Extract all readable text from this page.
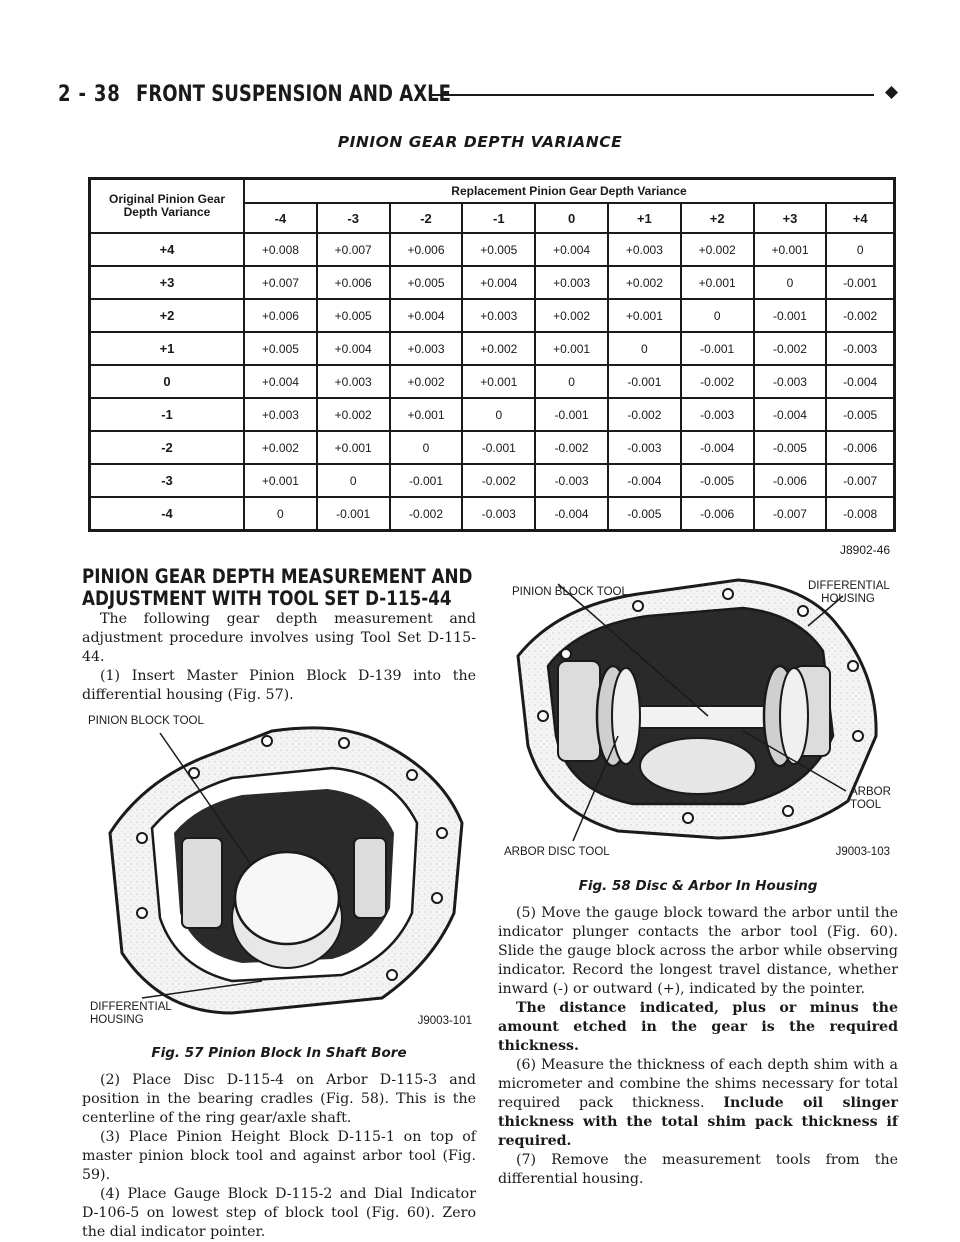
2 - 38 FRONT SUSPENSION AND AXLE
PINION GEAR DEPTH VARIANCE
Original Pinion Gear Depth Variance	Replacement Pinion Gear Depth Variance								
	-4	-3	-2	-1	0	+1	+2	+3	+4
+4	+0.008	+0.007	+0.006	+0.005	+0.004	+0.003	+0.002	+0.001	0
+3	+0.007	+0.006	+0.005	+0.004	+0.003	+0.002	+0.001	0	-0.001
+2	+0.006	+0.005	+0.004	+0.003	+0.002	+0.001	0	-0.001	-0.002
+1	+0.005	+0.004	+0.003	+0.002	+0.001	0	-0.001	-0.002	-0.003
0	+0.004	+0.003	+0.002	+0.001	0	-0.001	-0.002	-0.003	-0.004
-1	+0.003	+0.002	+0.001	0	-0.001	-0.002	-0.003	-0.004	-0.005
-2	+0.002	+0.001	0	-0.001	-0.002	-0.003	-0.004	-0.005	-0.006
-3	+0.001	0	-0.001	-0.002	-0.003	-0.004	-0.005	-0.006	-0.007
-4	0	-0.001	-0.002	-0.003	-0.004	-0.005	-0.006	-0.007	-0.008
J8902-46
PINION GEAR DEPTH MEASUREMENT AND ADJUSTMENT WITH TOOL SET D-115-44

The following gear depth measurement and adjustment procedure involves using Tool Set D-115-44.

(1) Insert Master Pinion Block D-139 into the differential housing (Fig. 57).

PINION BLOCK TOOL
DIFFERENTIAL HOUSING	J9003-101
Fig. 57 Pinion Block In Shaft Bore

(2) Place Disc D-115-4 on Arbor D-115-3 and position in the bearing cradles (Fig. 58). This is the centerline of the ring gear/axle shaft.

(3) Place Pinion Height Block D-115-1 on top of master pinion block tool and against arbor tool (Fig. 59).

(4) Place Gauge Block D-115-2 and Dial Indicator D-106-5 on lowest step of block tool (Fig. 60). Zero the dial indicator pointer.

PINION BLOCK TOOL	DIFFERENTIAL HOUSING
ARBOR TOOL
ARBOR DISC TOOL	J9003-103
Fig. 58 Disc & Arbor In Housing

(5) Move the gauge block toward the arbor until the indicator plunger contacts the arbor tool (Fig. 60). Slide the gauge block across the arbor while observing indicator. Record the longest travel distance, whether inward (-) or outward (+), indicated by the pointer.

The distance indicated, plus or minus the amount etched in the gear is the required thickness.

(6) Measure the thickness of each depth shim with a micrometer and combine the shims necessary for total required pack thickness. Include oil slinger thickness with the total shim pack thickness if required.

(7) Remove the measurement tools from the differential housing.
